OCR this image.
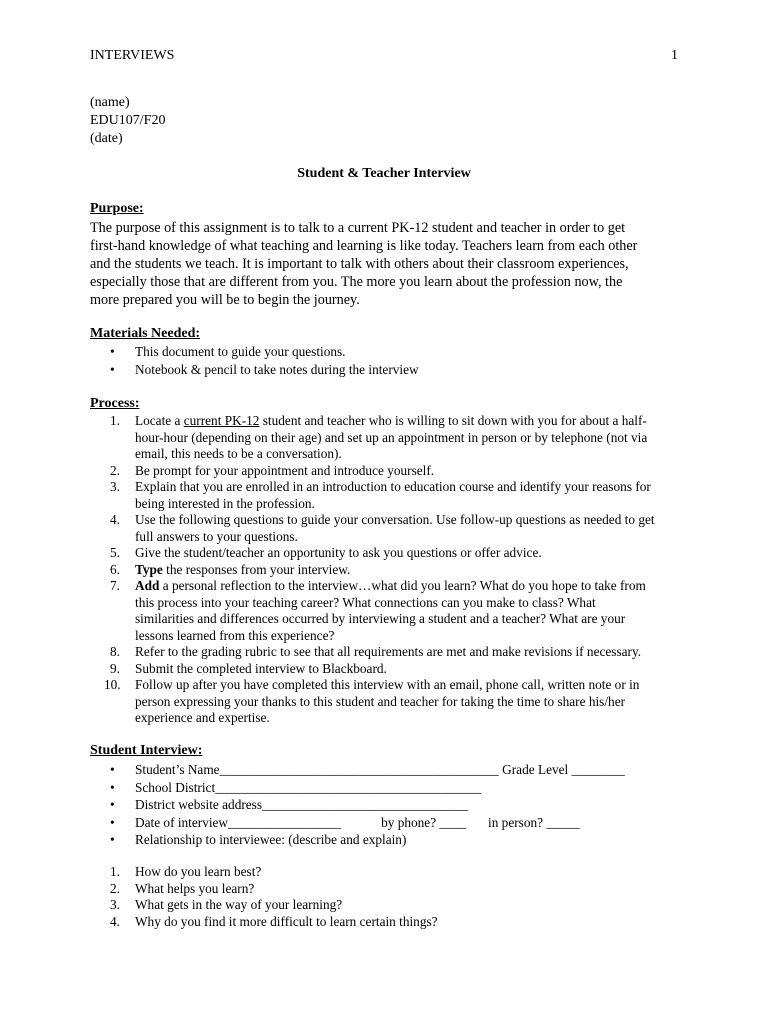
INTERVIEWS	1
(name)
EDU107/F20
(date)
Student & Teacher Interview
Purpose:
The purpose of this assignment is to talk to a current PK-12 student and teacher in order to get
first-hand knowledge of what teaching and learning is like today. Teachers learn from each other
and the students we teach. It is important to talk with others about their classroom experiences,
especially those that are different from you. The more you learn about the profession now, the
more prepared you will be to begin the journey.
Materials Needed:
• This document to guide your questions.
• Notebook & pencil to take notes during the interview
Process:
1.	Locate a current PK-12 student and teacher who is willing to sit down with you for about a half-
hour-hour (depending on their age) and set up an appointment in person or by telephone (not via
email, this needs to be a conversation).
2.	Be prompt for your appointment and introduce yourself.
3.	Explain that you are enrolled in an introduction to education course and identify your reasons for
being interested in the profession.
4.	Use the following questions to guide your conversation. Use follow-up questions as needed to get
full answers to your questions.
5.	Give the student/teacher an opportunity to ask you questions or offer advice.
6.	Type the responses from your interview.
7.	Add a personal reflection to the interview…what did you learn? What do you hope to take from
this process into your teaching career? What connections can you make to class? What
similarities and differences occurred by interviewing a student and a teacher? What are your
lessons learned from this experience?
8.	Refer to the grading rubric to see that all requirements are met and make revisions if necessary.
9.	Submit the completed interview to Blackboard.
10. Follow up after you have completed this interview with an email, phone call, written note or in
person expressing your thanks to this student and teacher for taking the time to share his/her
experience and expertise.
Student Interview:
• Student’s Name__________________________________________ Grade Level ________
• School District________________________________________
• District website address_______________________________
• Date of interview_________________	by phone? ____ in person? _____
• Relationship to interviewee: (describe and explain)
1.	How do you learn best?
2.	What helps you learn?
3.	What gets in the way of your learning?
4.	Why do you find it more difficult to learn certain things?
